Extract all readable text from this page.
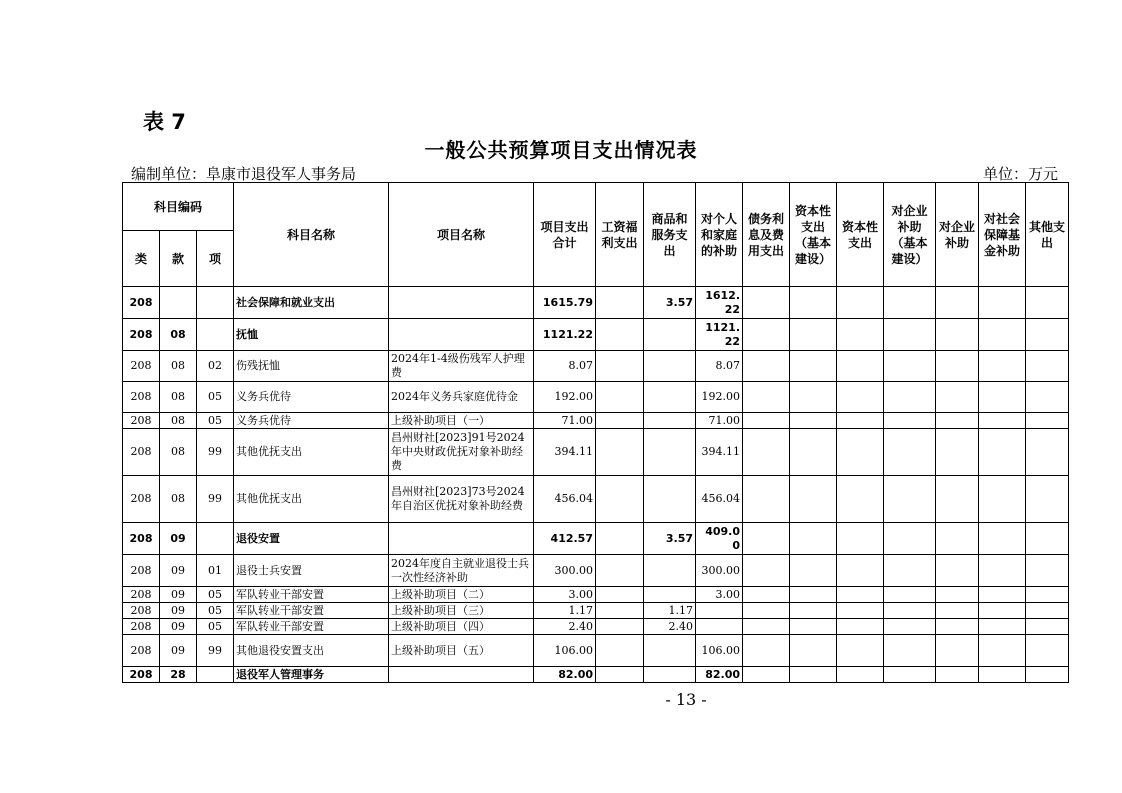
表 7
一般公共预算项目支出情况表
编制单位：阜康市退役军人事务局	单位：万元
科目编码			科目名称	项目名称	项目支出合计	工资福利支出	商品和服务支出	对个人和家庭的补助	债务利息及费用支出	资本性支出（基本建设）	资本性支出	对企业补助（基本建设）	对企业补助	对社会保障基金补助	其他支出
类	款	项													
208			社会保障和就业支出		1615.79		3.57	1612.22							
208	08		抚恤		1121.22			1121.22							
208	08	02	伤残抚恤	2024年1-4级伤残军人护理费	8.07			8.07							
208	08	05	义务兵优待	2024年义务兵家庭优待金	192.00			192.00							
208	08	05	义务兵优待	上级补助项目（一）	71.00			71.00							
208	08	99	其他优抚支出	昌州财社[2023]91号2024年中央财政优抚对象补助经费	394.11			394.11							
208	08	99	其他优抚支出	昌州财社[2023]73号2024年自治区优抚对象补助经费	456.04			456.04							
208	09		退役安置		412.57		3.57	409.00							
208	09	01	退役士兵安置	2024年度自主就业退役士兵一次性经济补助	300.00			300.00							
208	09	05	军队转业干部安置	上级补助项目（二）	3.00			3.00							
208	09	05	军队转业干部安置	上级补助项目（三）	1.17		1.17								
208	09	05	军队转业干部安置	上级补助项目（四）	2.40		2.40								
208	09	99	其他退役安置支出	上级补助项目（五）	106.00			106.00							
208	28		退役军人管理事务		82.00			82.00							
- 13 -
